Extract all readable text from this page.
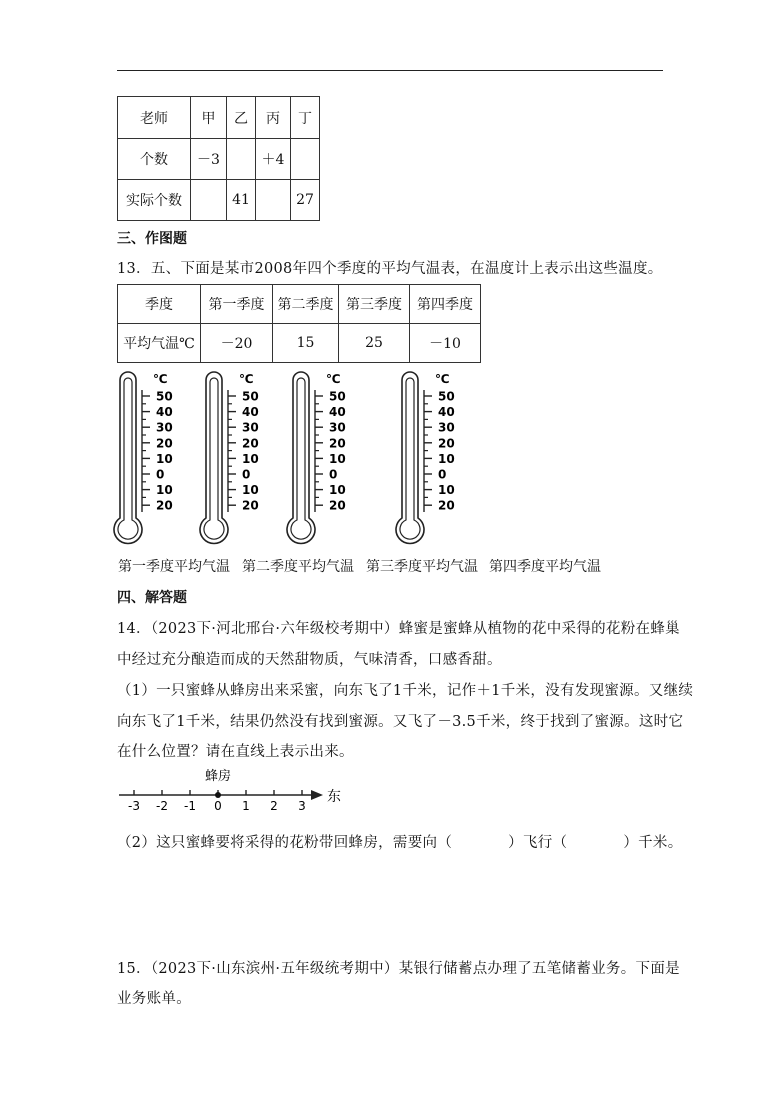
老师	甲	乙	丙	丁
个数	－3		＋4	
实际个数		41		27
三、作图题
13．五、下面是某市2008年四个季度的平均气温表，在温度计上表示出这些温度。
季度	第一季度	第二季度	第三季度	第四季度
平均气温℃	－20	15	25	－10
℃
50
40
30
20
10
0
10
20
℃
50
40
30
20
10
0
10
20
℃
50
40
30
20
10
0
10
20
℃
50
40
30
20
10
0
10
20
第一季度平均气温 第二季度平均气温 第三季度平均气温 第四季度平均气温
四、解答题
14．（2023下·河北邢台·六年级校考期中）蜂蜜是蜜蜂从植物的花中采得的花粉在蜂巢
中经过充分酿造而成的天然甜物质，气味清香，口感香甜。
（1）一只蜜蜂从蜂房出来采蜜，向东飞了1千米，记作＋1千米，没有发现蜜源。又继续
向东飞了1千米，结果仍然没有找到蜜源。又飞了－3.5千米，终于找到了蜜源。这时它
在什么位置？请在直线上表示出来。
-3 -2 -1 0 1 2 3
蜂房
东
（2）这只蜜蜂要将采得的花粉带回蜂房，需要向（	）飞行（	）千米。
15．（2023下·山东滨州·五年级统考期中）某银行储蓄点办理了五笔储蓄业务。下面是
业务账单。
